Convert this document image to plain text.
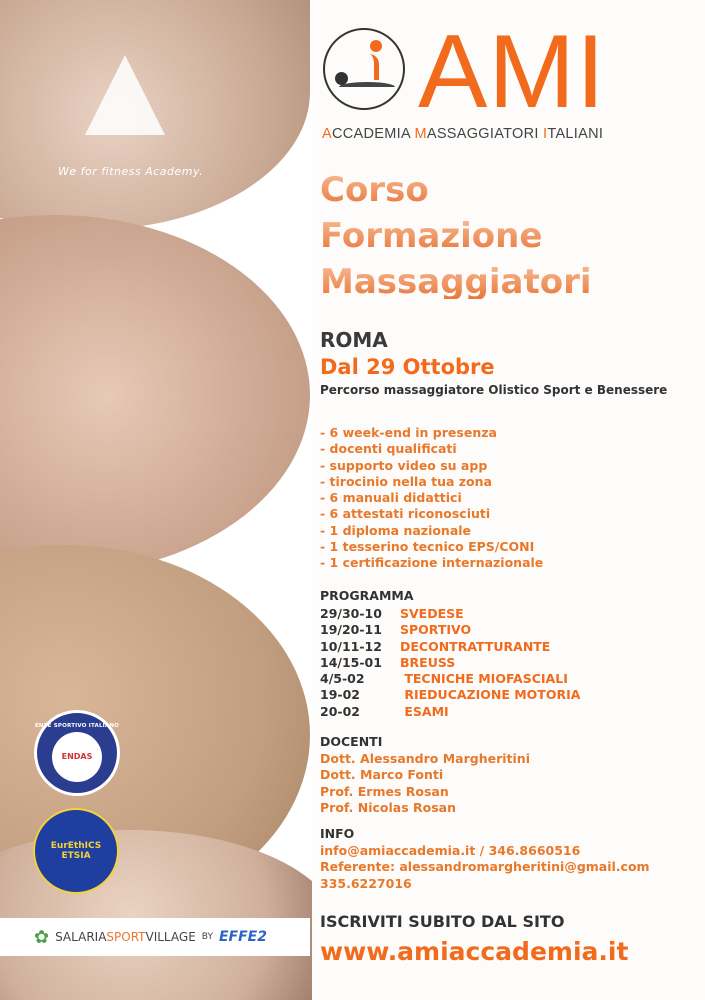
We for fitness Academy.
ENTE SPORTIVO ITALIANO
ENDAS
EurEthICS ETSIA
✿ SALARIASPORTVILLAGE BY EFFE2
AMI
ACCADEMIA MASSAGGIATORI ITALIANI
Corso
Formazione
Massaggiatori
ROMA
Dal 29 Ottobre
Percorso massaggiatore Olistico Sport e Benessere
- 6 week-end in presenza
- docenti qualificati
- supporto video su app
- tirocinio nella tua zona
- 6 manuali didattici
- 6 attestati riconosciuti
- 1 diploma nazionale
- 1 tesserino tecnico EPS/CONI
- 1 certificazione internazionale
PROGRAMMA
29/30-10	SVEDESE
19/20-11	SPORTIVO
10/11-12	DECONTRATTURANTE
14/15-01	BREUSS
4/5-02	TECNICHE MIOFASCIALI
19-02	RIEDUCAZIONE MOTORIA
20-02	ESAMI
DOCENTI
Dott. Alessandro Margheritini
Dott. Marco Fonti
Prof. Ermes Rosan
Prof. Nicolas Rosan
INFO
info@amiaccademia.it / 346.8660516
Referente: alessandromargheritini@gmail.com
335.6227016
ISCRIVITI SUBITO DAL SITO
www.amiaccademia.it
